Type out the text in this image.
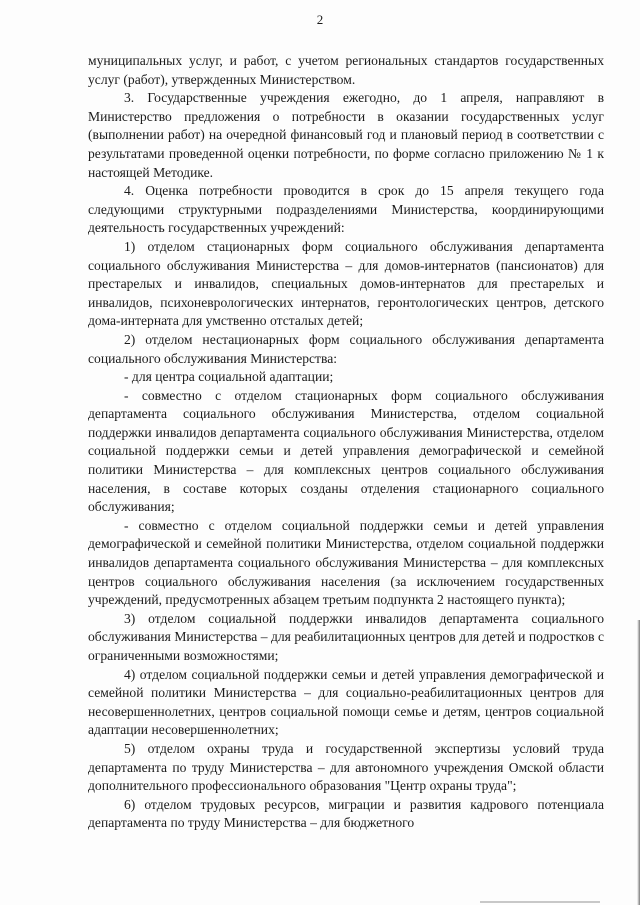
2

муниципальных услуг, и работ, с учетом региональных стандартов государственных услуг (работ), утвержденных Министерством.

3. Государственные учреждения ежегодно, до 1 апреля, направляют в Министерство предложения о потребности в оказании государственных услуг (выполнении работ) на очередной финансовый год и плановый период в соответствии с результатами проведенной оценки потребности, по форме согласно приложению № 1 к настоящей Методике.

4. Оценка потребности проводится в срок до 15 апреля текущего года следующими структурными подразделениями Министерства, координирующими деятельность государственных учреждений:

1) отделом стационарных форм социального обслуживания департамента социального обслуживания Министерства – для домов-интернатов (пансионатов) для престарелых и инвалидов, специальных домов-интернатов для престарелых и инвалидов, психоневрологических интернатов, геронтологических центров, детского дома-интерната для умственно отсталых детей;

2) отделом нестационарных форм социального обслуживания департамента социального обслуживания Министерства:

- для центра социальной адаптации;

- совместно с отделом стационарных форм социального обслуживания департамента социального обслуживания Министерства, отделом социальной поддержки инвалидов департамента социального обслуживания Министерства, отделом социальной поддержки семьи и детей управления демографической и семейной политики Министерства – для комплексных центров социального обслуживания населения, в составе которых созданы отделения стационарного социального обслуживания;

- совместно с отделом социальной поддержки семьи и детей управления демографической и семейной политики Министерства, отделом социальной поддержки инвалидов департамента социального обслуживания Министерства – для комплексных центров социального обслуживания населения (за исключением государственных учреждений, предусмотренных абзацем третьим подпункта 2 настоящего пункта);

3) отделом социальной поддержки инвалидов департамента социального обслуживания Министерства – для реабилитационных центров для детей и подростков с ограниченными возможностями;

4) отделом социальной поддержки семьи и детей управления демографической и семейной политики Министерства – для социально-реабилитационных центров для несовершеннолетних, центров социальной помощи семье и детям, центров социальной адаптации несовершеннолетних;

5) отделом охраны труда и государственной экспертизы условий труда департамента по труду Министерства – для автономного учреждения Омской области дополнительного профессионального образования "Центр охраны труда";

6) отделом трудовых ресурсов, миграции и развития кадрового потенциала департамента по труду Министерства – для бюджетного
